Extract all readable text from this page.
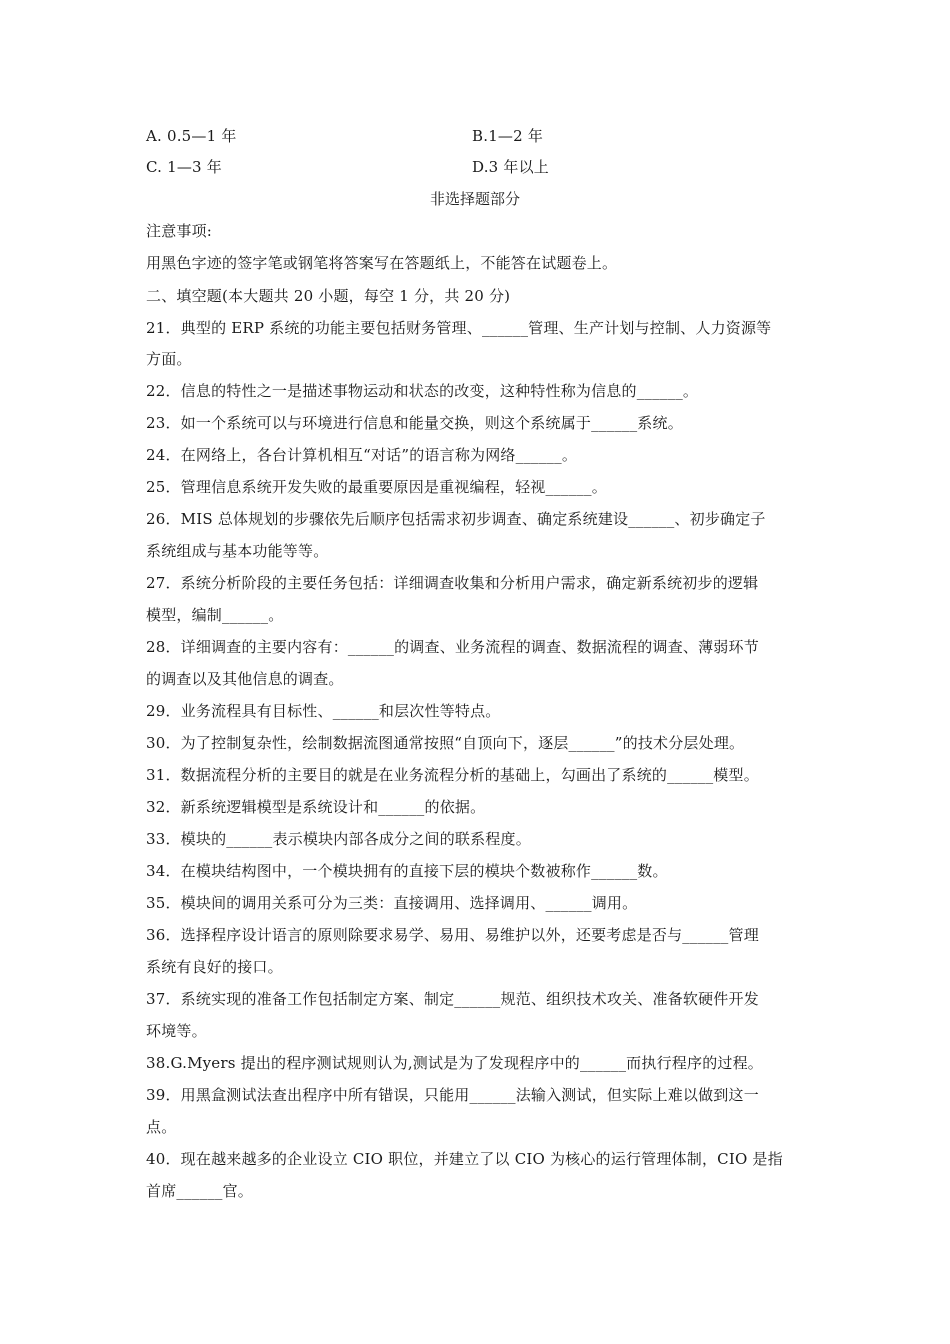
A. 0.5—1 年	B.1—2 年
C. 1—3 年	D.3 年以上
非选择题部分
注意事项:
用黑色字迹的签字笔或钢笔将答案写在答题纸上，不能答在试题卷上。
二、填空题(本大题共 20 小题，每空 1 分，共 20 分)
21．典型的 ERP 系统的功能主要包括财务管理、______管理、生产计划与控制、人力资源等
方面。
22．信息的特性之一是描述事物运动和状态的改变，这种特性称为信息的______。
23．如一个系统可以与环境进行信息和能量交换，则这个系统属于______系统。
24．在网络上，各台计算机相互“对话”的语言称为网络______。
25．管理信息系统开发失败的最重要原因是重视编程，轻视______。
26．MIS 总体规划的步骤依先后顺序包括需求初步调查、确定系统建设______、初步确定子
系统组成与基本功能等等。
27．系统分析阶段的主要任务包括：详细调查收集和分析用户需求，确定新系统初步的逻辑
模型，编制______。
28．详细调查的主要内容有：______的调查、业务流程的调查、数据流程的调查、薄弱环节
的调查以及其他信息的调查。
29．业务流程具有目标性、______和层次性等特点。
30．为了控制复杂性，绘制数据流图通常按照“自顶向下，逐层______”的技术分层处理。
31．数据流程分析的主要目的就是在业务流程分析的基础上，勾画出了系统的______模型。
32．新系统逻辑模型是系统设计和______的依据。
33．模块的______表示模块内部各成分之间的联系程度。
34．在模块结构图中，一个模块拥有的直接下层的模块个数被称作______数。
35．模块间的调用关系可分为三类：直接调用、选择调用、______调用。
36．选择程序设计语言的原则除要求易学、易用、易维护以外，还要考虑是否与______管理
系统有良好的接口。
37．系统实现的准备工作包括制定方案、制定______规范、组织技术攻关、准备软硬件开发
环境等。
38.G.Myers 提出的程序测试规则认为,测试是为了发现程序中的______而执行程序的过程。
39．用黑盒测试法查出程序中所有错误，只能用______法输入测试，但实际上难以做到这一
点。
40．现在越来越多的企业设立 CIO 职位，并建立了以 CIO 为核心的运行管理体制，CIO 是指
首席______官。
